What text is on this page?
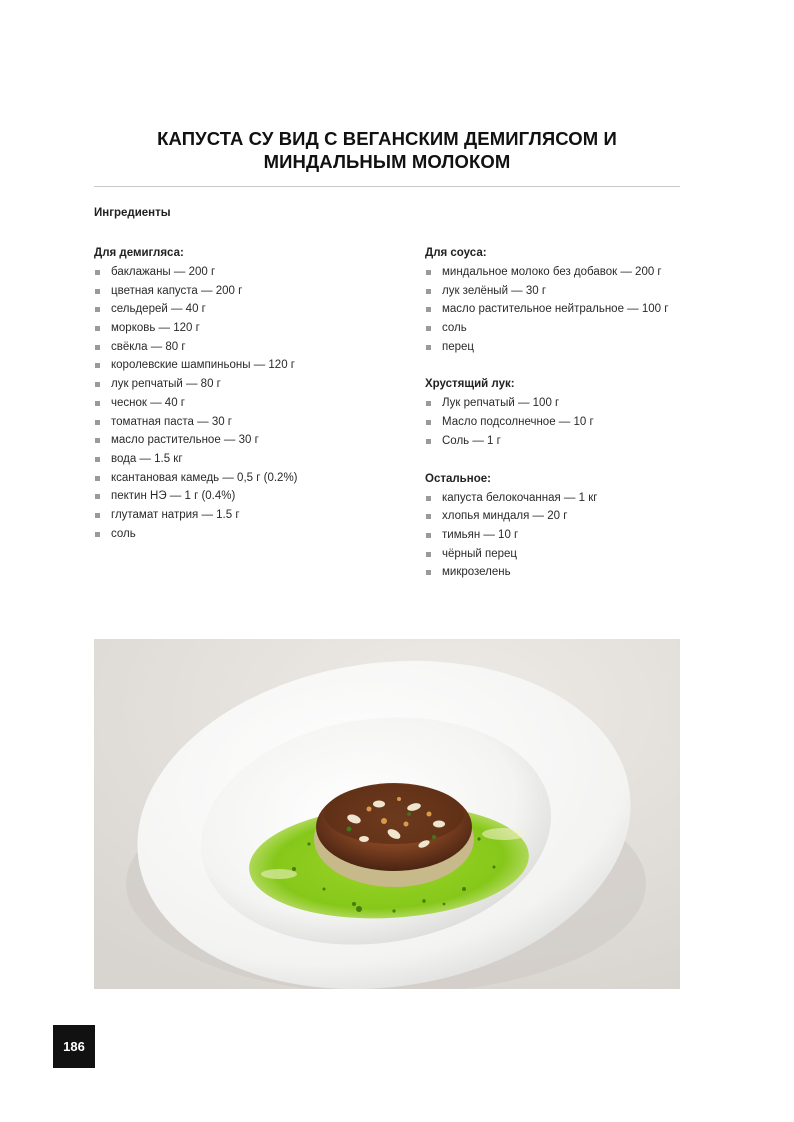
КАПУСТА СУ ВИД С ВЕГАНСКИМ ДЕМИГЛЯСОМ И МИНДАЛЬНЫМ МОЛОКОМ
Ингредиенты
Для демигляса:
баклажаны — 200 г
цветная капуста — 200 г
сельдерей — 40 г
морковь — 120 г
свёкла — 80 г
королевские шампиньоны — 120 г
лук репчатый — 80 г
чеснок — 40 г
томатная паста — 30 г
масло растительное — 30 г
вода — 1.5 кг
ксантановая камедь — 0,5 г (0.2%)
пектин НЭ — 1 г (0.4%)
глутамат натрия — 1.5 г
соль
Для соуса:
миндальное молоко без добавок — 200 г
лук зелёный — 30 г
масло растительное нейтральное — 100 г
соль
перец
Хрустящий лук:
Лук репчатый — 100 г
Масло подсолнечное — 10 г
Соль — 1 г
Остальное:
капуста белокочанная — 1 кг
хлопья миндаля — 20 г
тимьян — 10 г
чёрный перец
микрозелень
186
